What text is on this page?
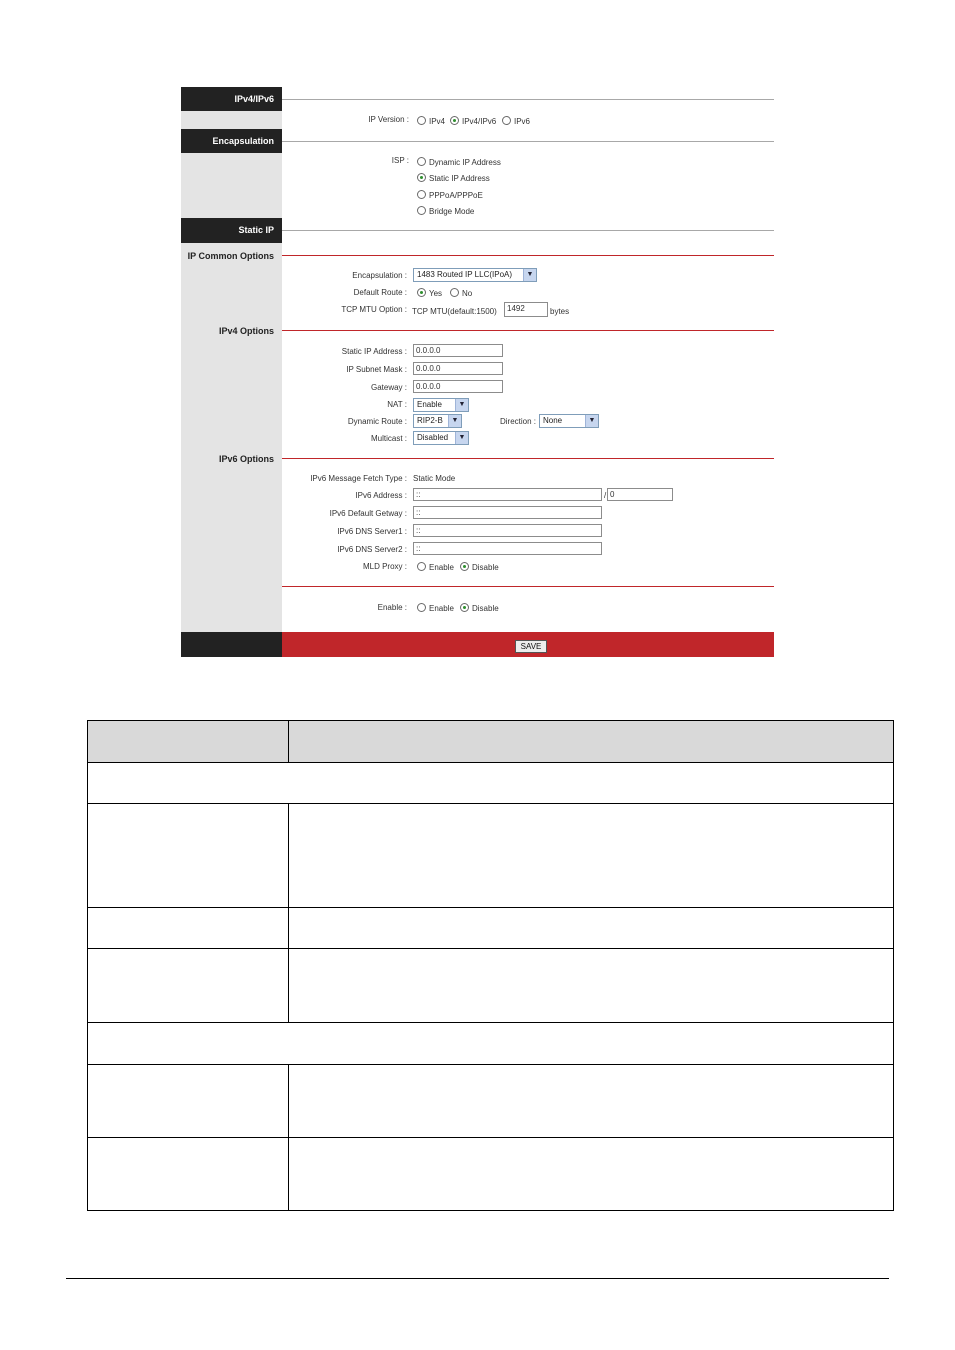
IPv4/IPv6
IP Version :	IPv4 IPv4/IPv6 IPv6
Encapsulation
ISP :	Dynamic IP Address
Static IP Address
PPPoA/PPPoE
Bridge Mode
Static IP
IP Common Options
Encapsulation :	1483 Routed IP LLC(IPoA)	▼
Default Route :	Yes No
TCP MTU Option : TCP MTU(default:1500)	1492	bytes
IPv4 Options
Static IP Address :	0.0.0.0
IP Subnet Mask :	0.0.0.0
Gateway :	0.0.0.0
NAT :	Enable	▼
Dynamic Route :	RIP2-B	▼	Direction : None	▼
Multicast :	Disabled	▼
IPv6 Options
IPv6 Message Fetch Type : Static Mode
IPv6 Address :	::	/ 0
IPv6 Default Getway :	::
IPv6 DNS Server1 :	::
IPv6 DNS Server2 :	::
MLD Proxy :	Enable Disable
Enable :	Enable Disable
SAVE
